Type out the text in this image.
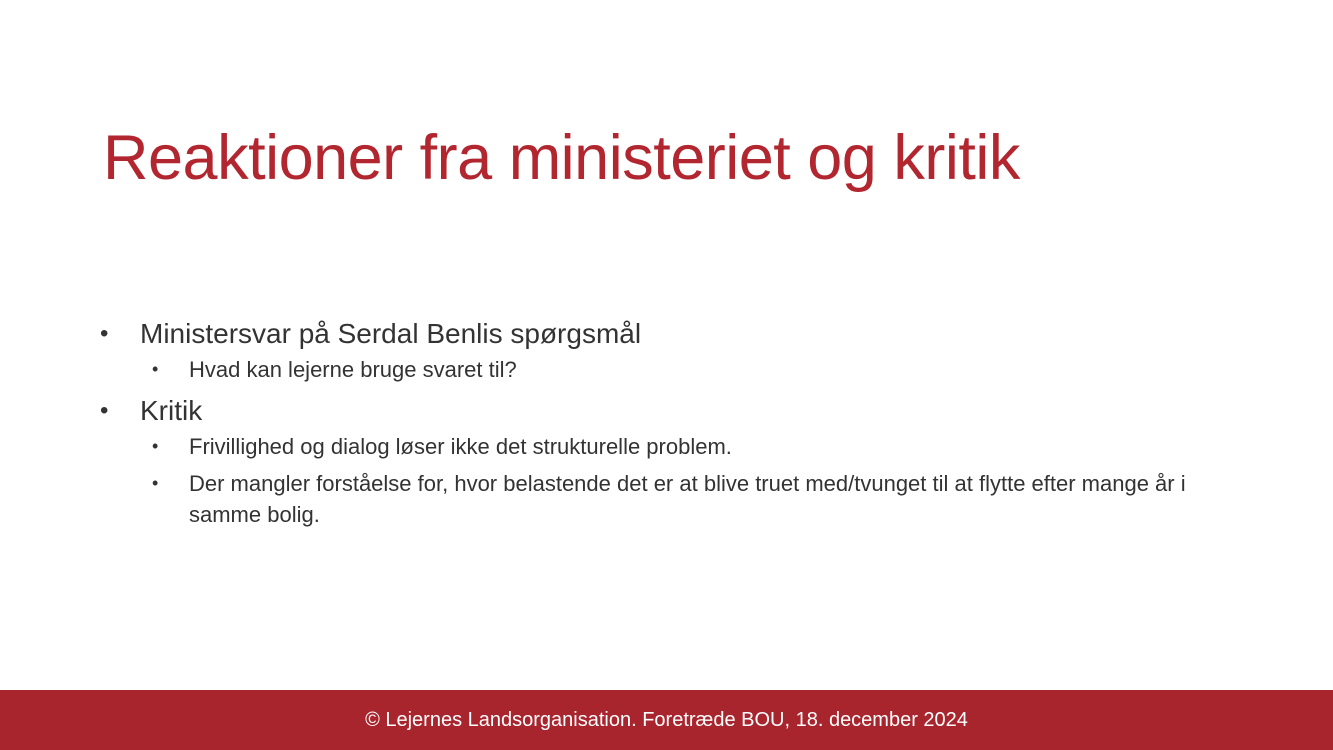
Reaktioner fra ministeriet og kritik
• Ministersvar på Serdal Benlis spørgsmål
• Hvad kan lejerne bruge svaret til?
• Kritik
• Frivillighed og dialog løser ikke det strukturelle problem.
• Der mangler forståelse for, hvor belastende det er at blive truet med/tvunget til at flytte efter mange år i samme bolig.
© Lejernes Landsorganisation. Foretræde BOU, 18. december 2024
